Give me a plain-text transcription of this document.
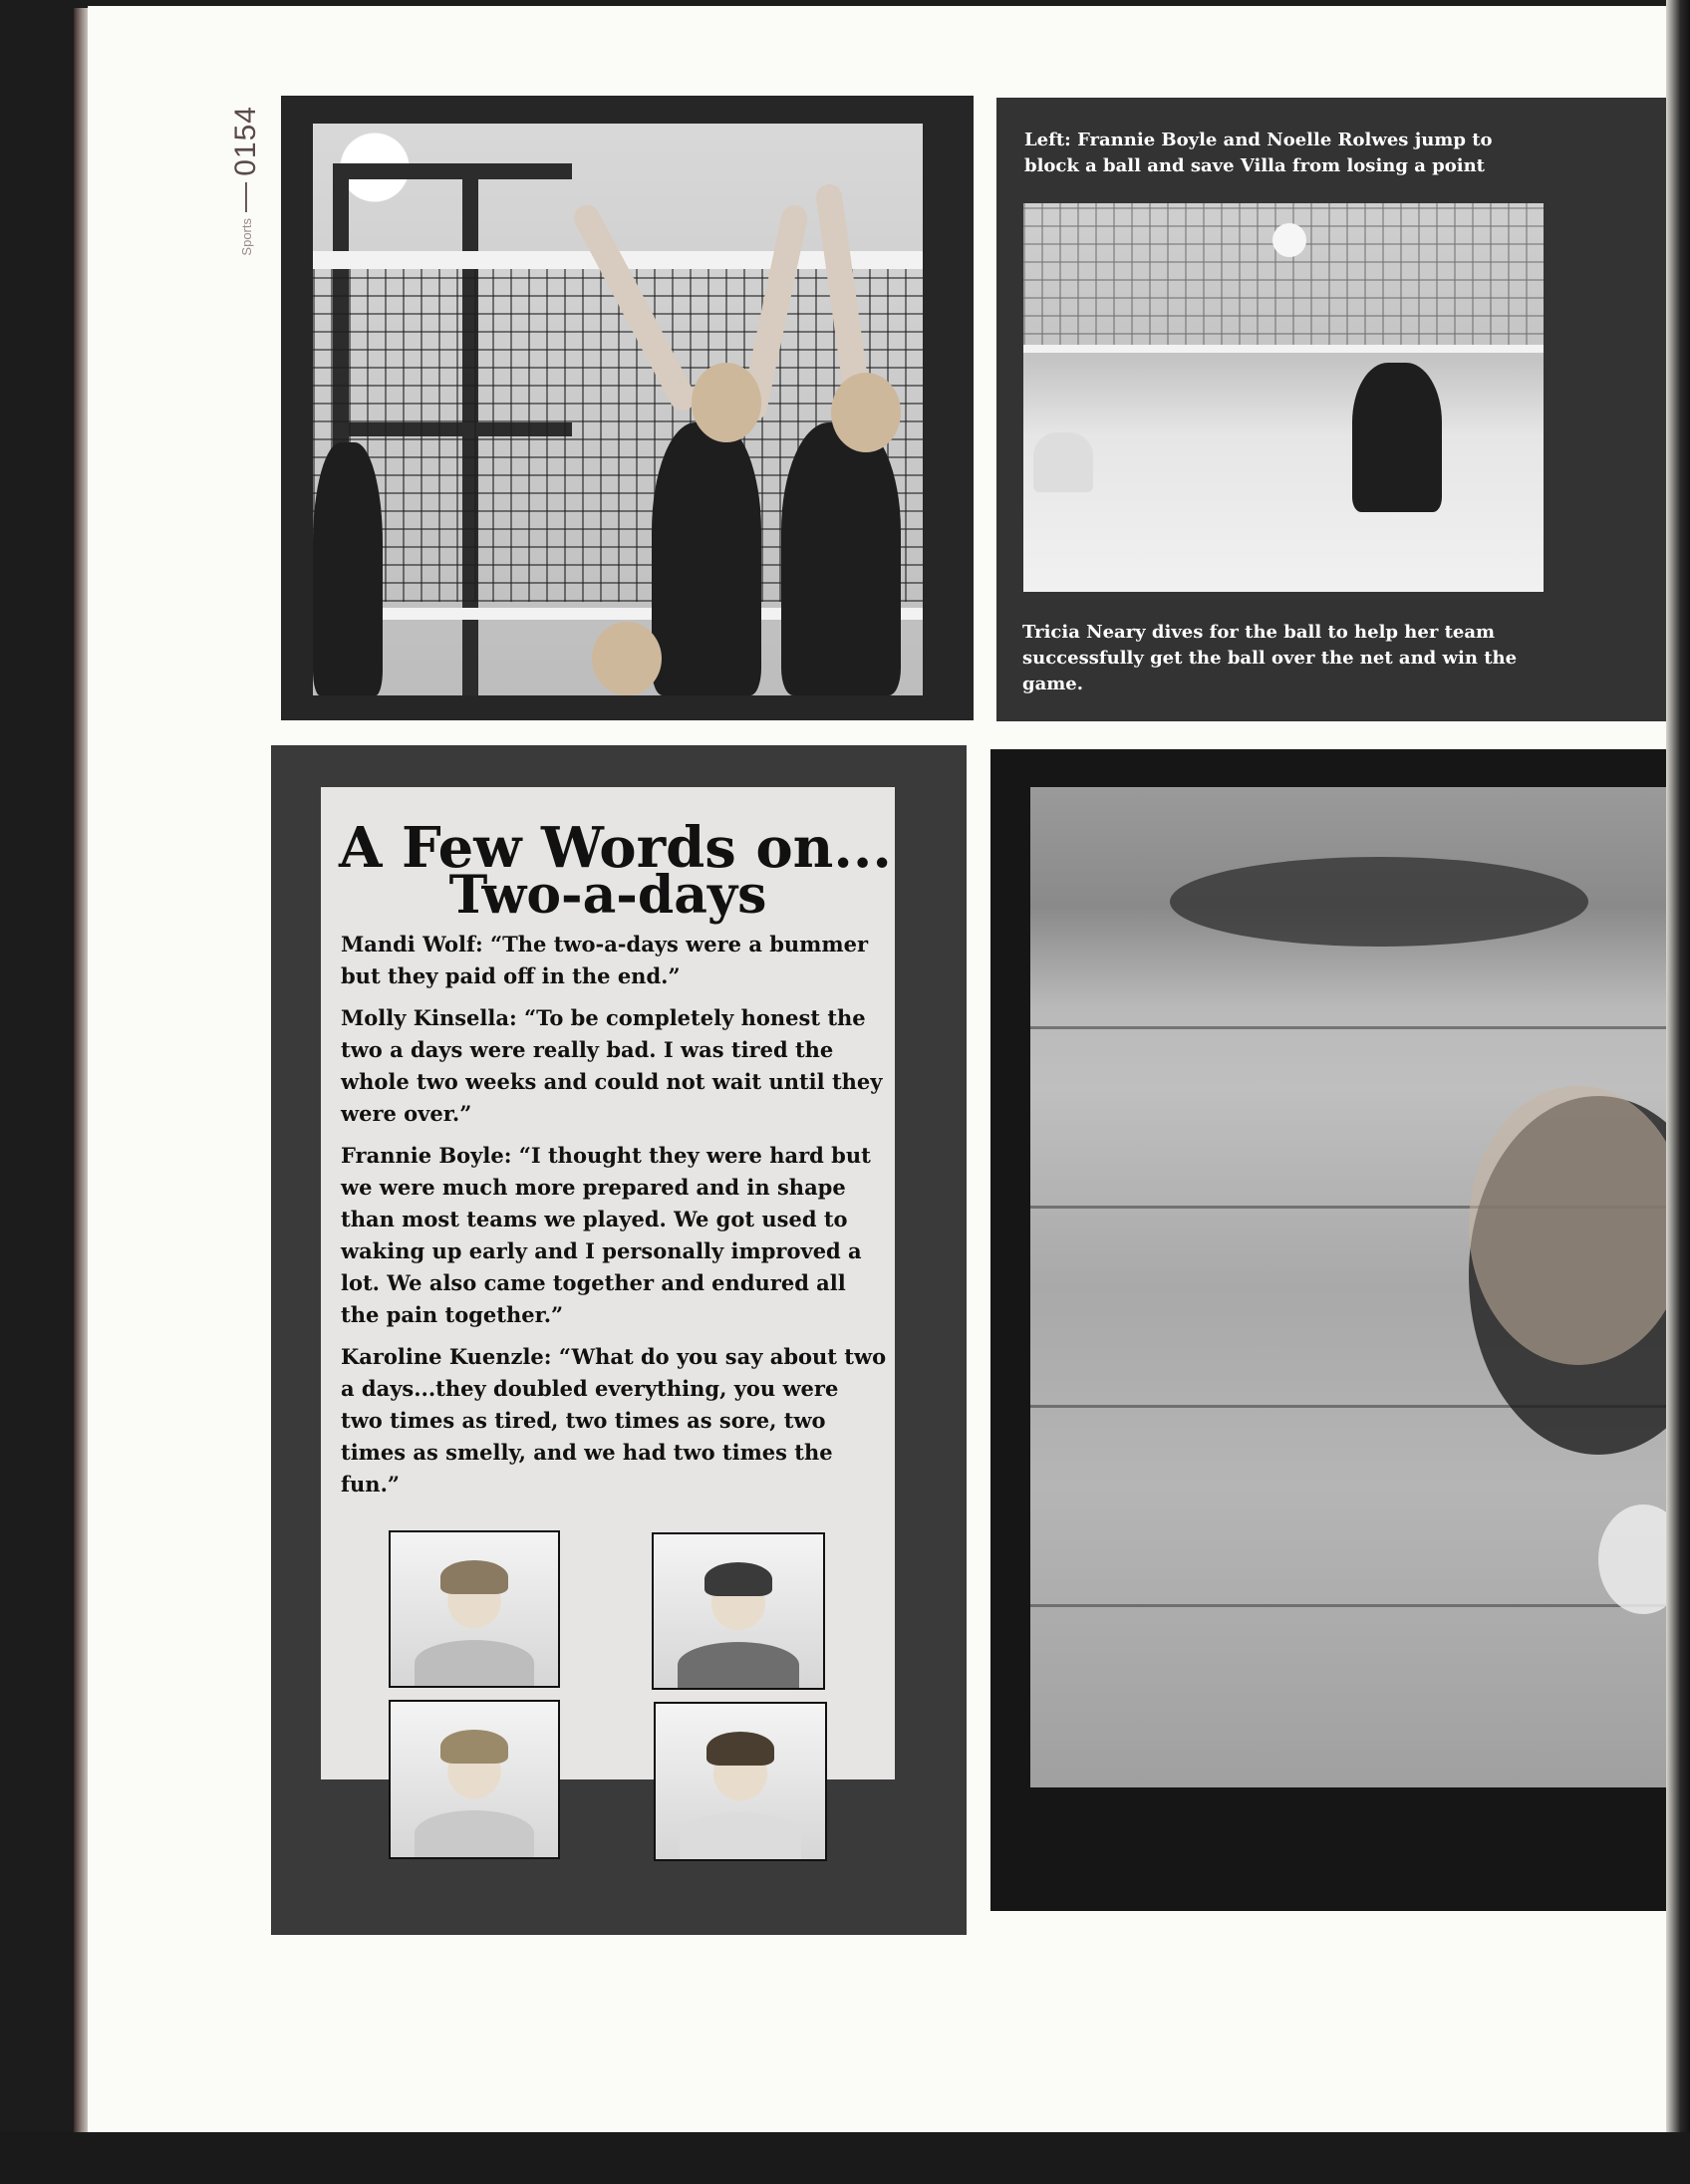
0154
Sports
Left: Frannie Boyle and Noelle Rolwes jump to block a ball and save Villa from losing a point
Tricia Neary dives for the ball to help her team successfully get the ball over the net and win the game.
A Few Words on...
Two-a-days

Mandi Wolf: “The two-a-days were a bummer but they paid off in the end.”

Molly Kinsella: “To be completely honest the two a days were really bad. I was tired the whole two weeks and could not wait until they were over.”

Frannie Boyle: “I thought they were hard but we were much more prepared and in shape than most teams we played. We got used to waking up early and I personally improved a lot. We also came together and endured all the pain together.”

Karoline Kuenzle: “What do you say about two a days...they doubled everything, you were two times as tired, two times as sore, two times as smelly, and we had two times the fun.”
